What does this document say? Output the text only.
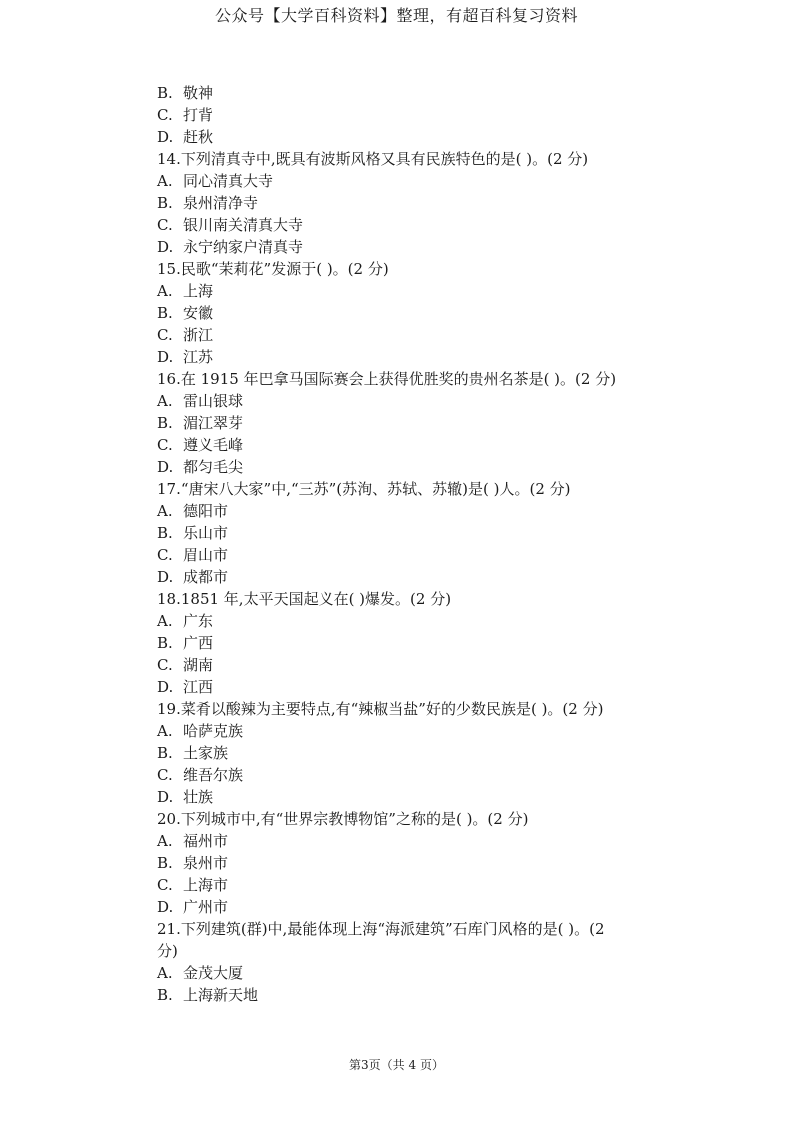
公众号【大学百科资料】整理，有超百科复习资料
B. 敬神
C. 打背
D. 赶秋
14.下列清真寺中,既具有波斯风格又具有民族特色的是( )。(2 分)
A. 同心清真大寺
B. 泉州清净寺
C. 银川南关清真大寺
D. 永宁纳家户清真寺
15.民歌“茉莉花”发源于( )。(2 分)
A. 上海
B. 安徽
C. 浙江
D. 江苏
16.在 1915 年巴拿马国际赛会上获得优胜奖的贵州名茶是( )。(2 分)
A. 雷山银球
B. 湄江翠芽
C. 遵义毛峰
D. 都匀毛尖
17.“唐宋八大家”中,“三苏”(苏洵、苏轼、苏辙)是( )人。(2 分)
A. 德阳市
B. 乐山市
C. 眉山市
D. 成都市
18.1851 年,太平天国起义在( )爆发。(2 分)
A. 广东
B. 广西
C. 湖南
D. 江西
19.菜肴以酸辣为主要特点,有“辣椒当盐”好的少数民族是( )。(2 分)
A. 哈萨克族
B. 土家族
C. 维吾尔族
D. 壮族
20.下列城市中,有“世界宗教博物馆”之称的是( )。(2 分)
A. 福州市
B. 泉州市
C. 上海市
D. 广州市
21.下列建筑(群)中,最能体现上海“海派建筑”石库门风格的是( )。(2
分)
A. 金茂大厦
B. 上海新天地
第3页（共 4 页）
